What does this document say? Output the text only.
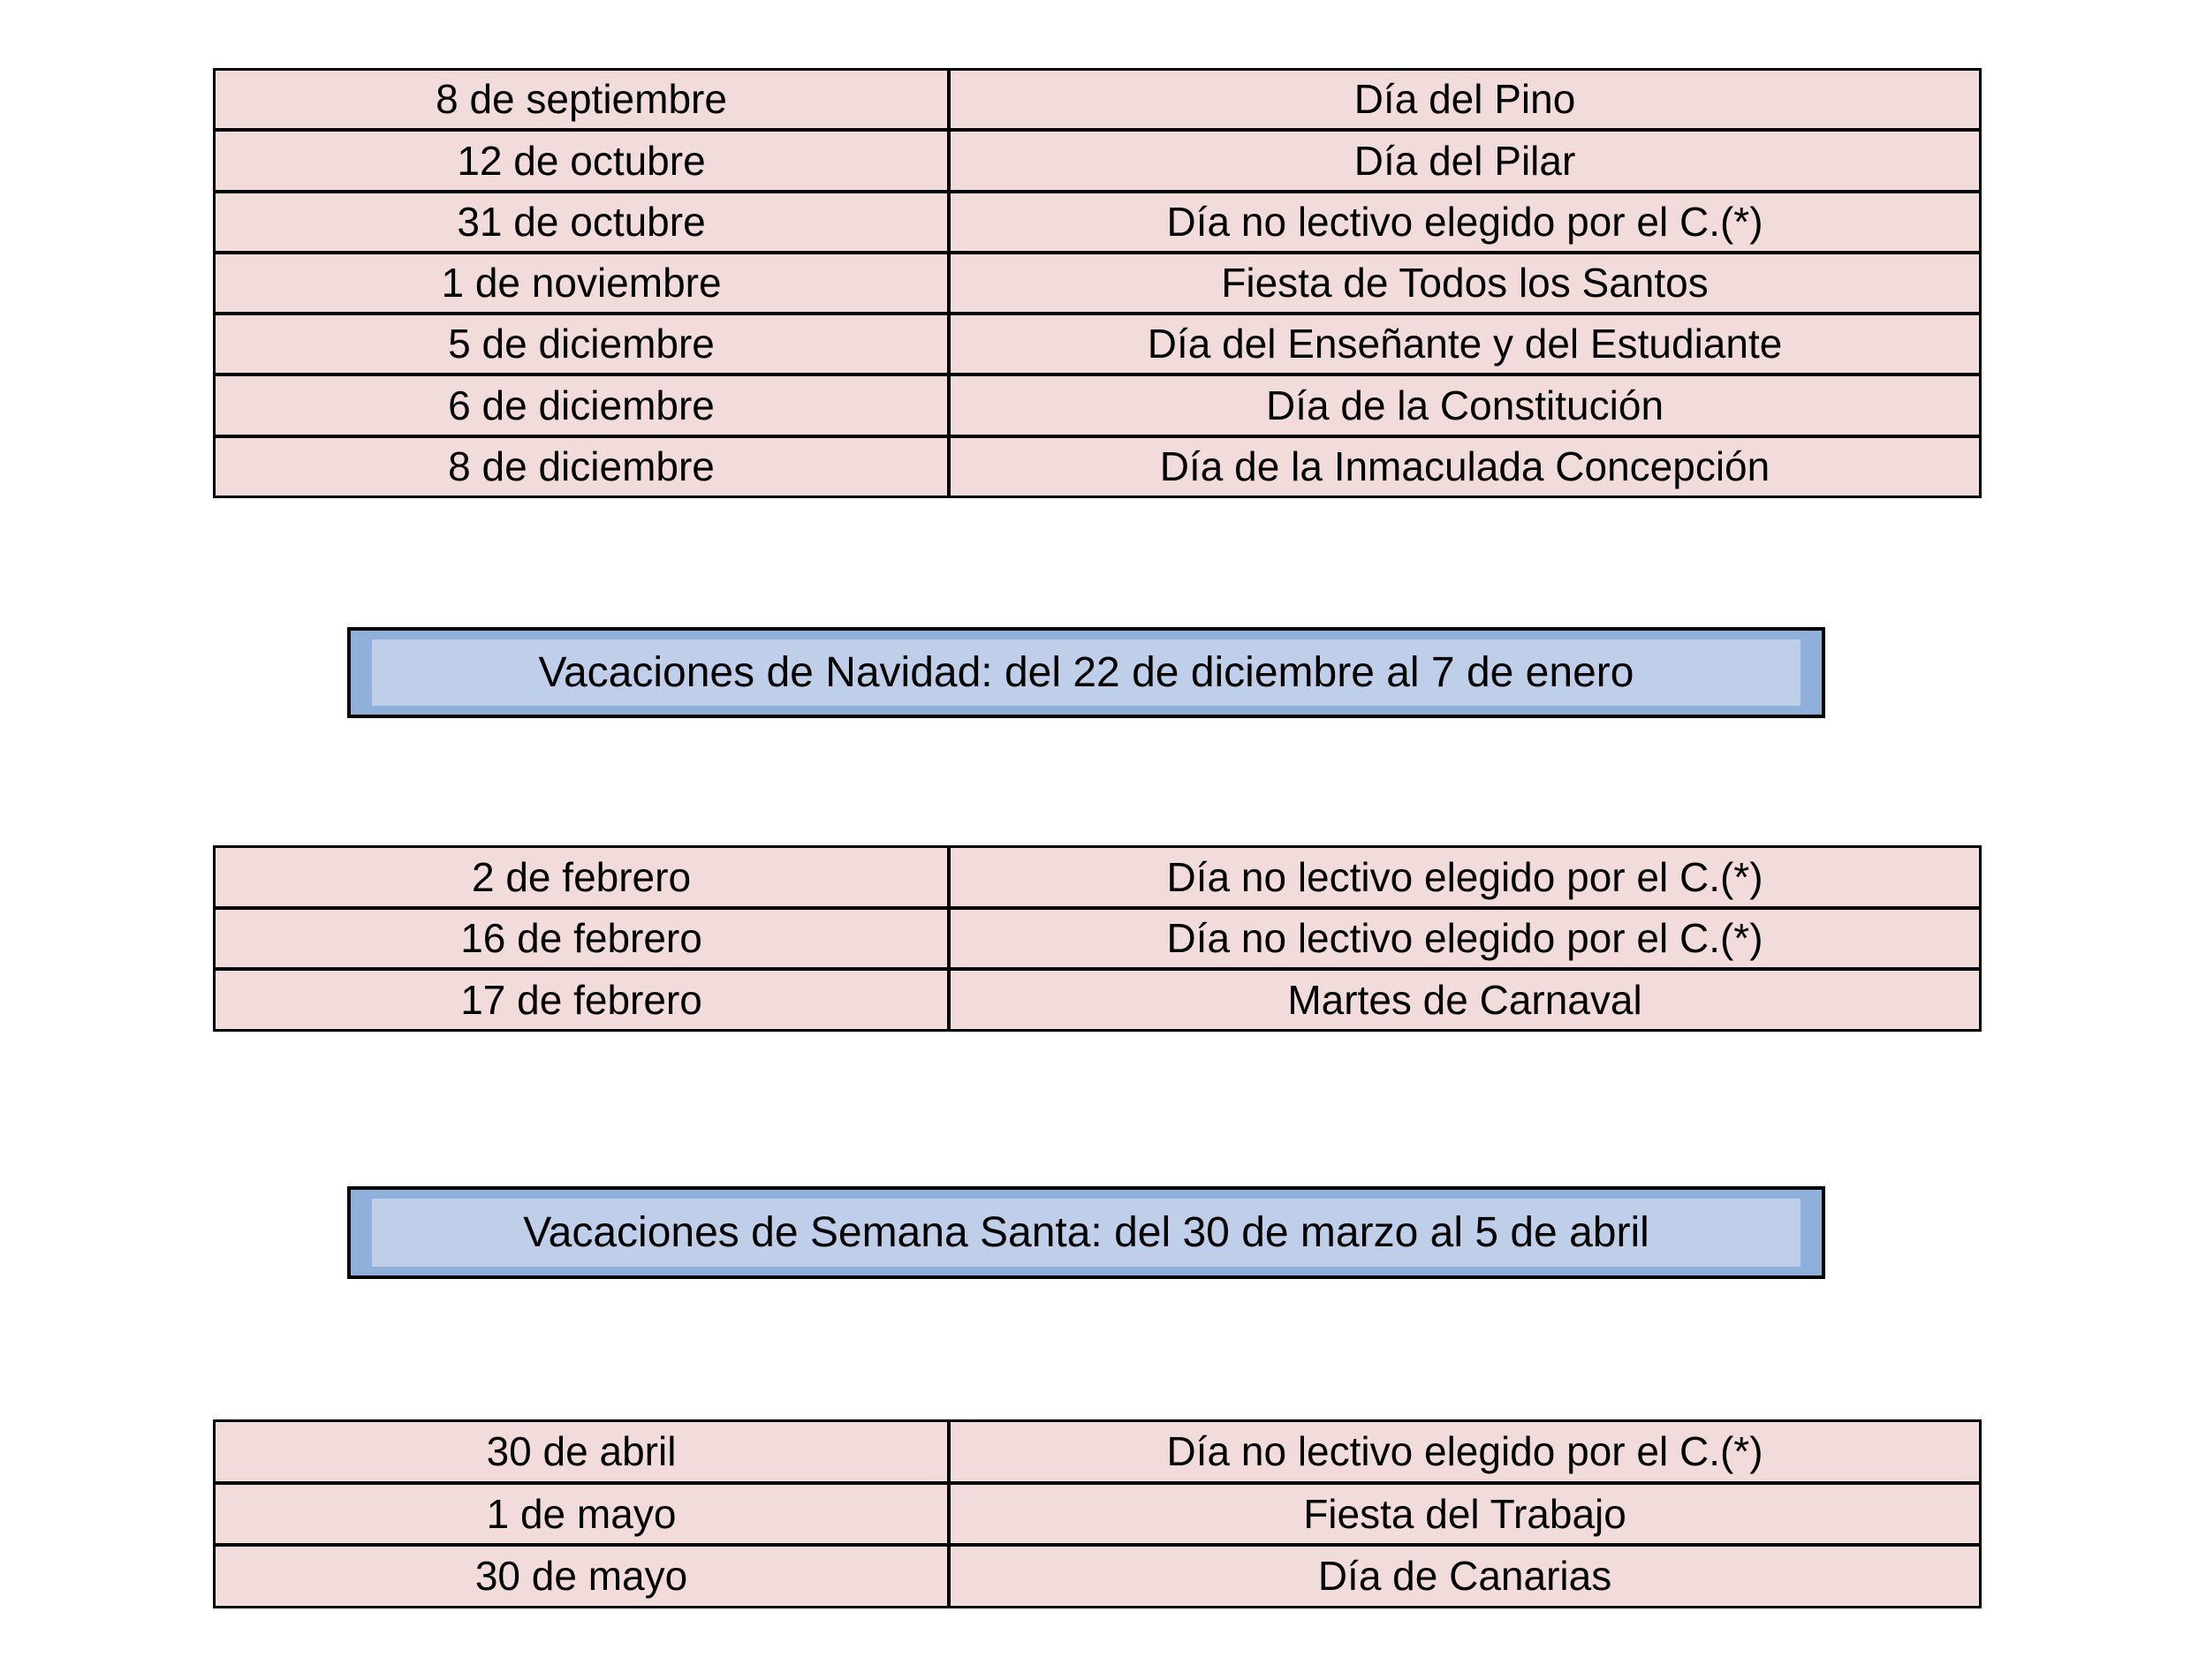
8 de septiembre	Día del Pino
12 de octubre	Día del Pilar
31 de octubre	Día no lectivo elegido por el C.(*)
1 de noviembre	Fiesta de Todos los Santos
5 de diciembre	Día del Enseñante y del Estudiante
6 de diciembre	Día de la Constitución
8 de diciembre	Día de la Inmaculada Concepción
Vacaciones de Navidad: del 22 de diciembre al 7 de enero
2 de febrero	Día no lectivo elegido por el C.(*)
16 de febrero	Día no lectivo elegido por el C.(*)
17 de febrero	Martes de Carnaval
Vacaciones de Semana Santa: del 30 de marzo al 5 de abril
30 de abril	Día no lectivo elegido por el C.(*)
1 de mayo	Fiesta del Trabajo
30 de mayo	Día de Canarias
